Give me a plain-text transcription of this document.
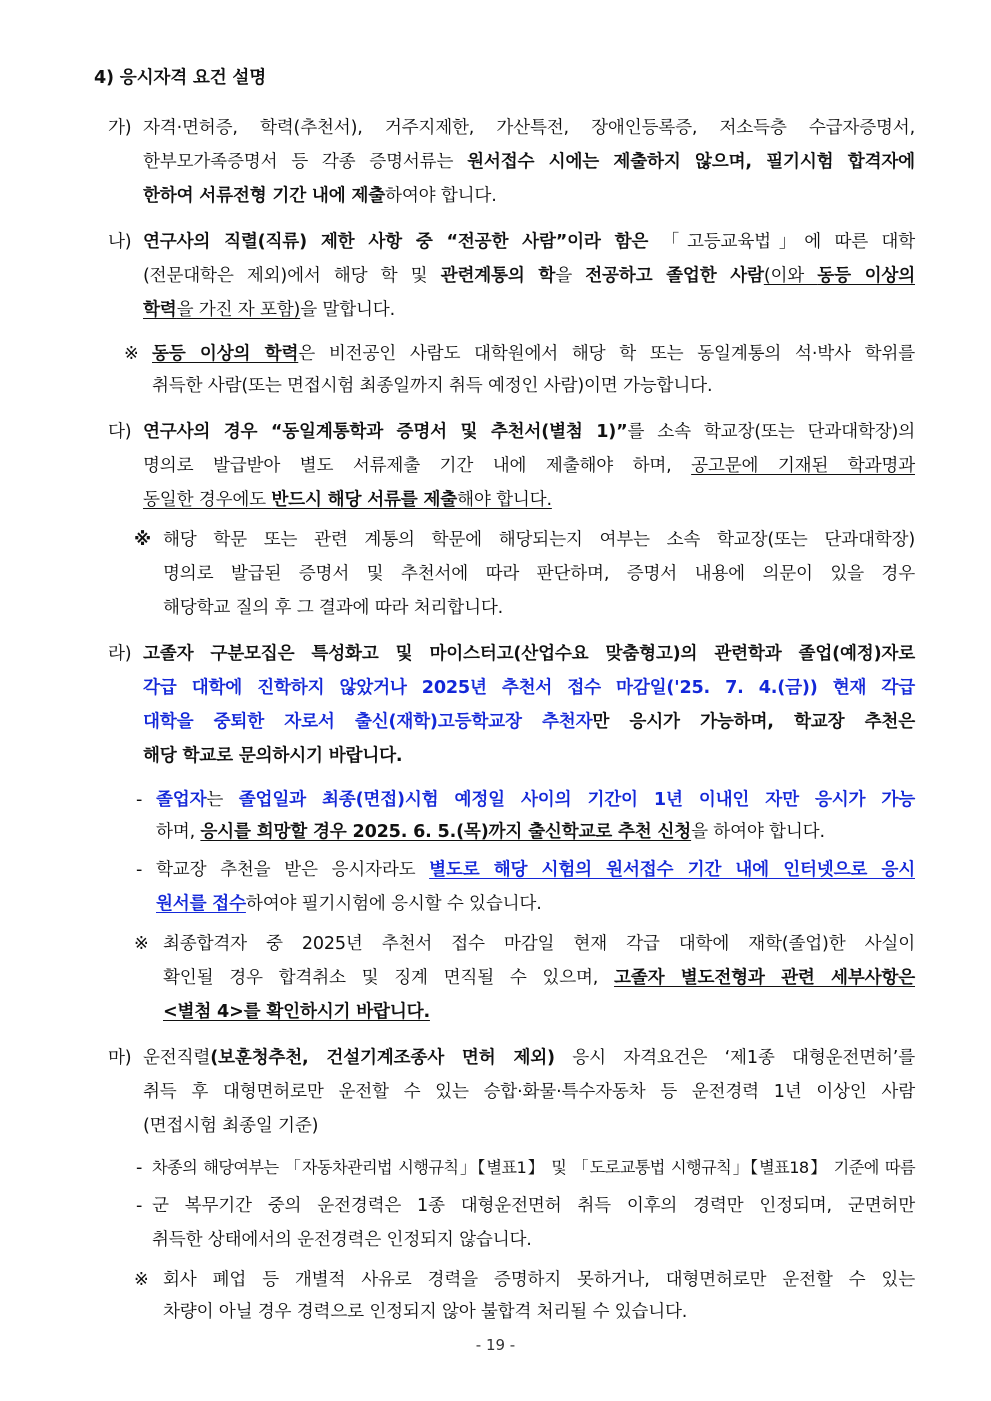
4) 응시자격 요건 설명
가) 자격·면허증, 학력(추천서), 거주지제한, 가산특전, 장애인등록증, 저소득층 수급자증명서,
한부모가족증명서 등 각종 증명서류는 원서접수 시에는 제출하지 않으며, 필기시험 합격자에
한하여 서류전형 기간 내에 제출하여야 합니다.
나) 연구사의 직렬(직류) 제한 사항 중 “전공한 사람”이라 함은 「고등교육법」에 따른 대학
(전문대학은 제외)에서 해당 학 및 관련계통의 학을 전공하고 졸업한 사람(이와 동등 이상의
학력을 가진 자 포함)을 말합니다.
※ 동등 이상의 학력은 비전공인 사람도 대학원에서 해당 학 또는 동일계통의 석·박사 학위를
취득한 사람(또는 면접시험 최종일까지 취득 예정인 사람)이면 가능합니다.
다) 연구사의 경우 “동일계통학과 증명서 및 추천서(별첨 1)”를 소속 학교장(또는 단과대학장)의
명의로 발급받아 별도 서류제출 기간 내에 제출해야 하며, 공고문에 기재된 학과명과
동일한 경우에도 반드시 해당 서류를 제출해야 합니다.
※ 해당 학문 또는 관련 계통의 학문에 해당되는지 여부는 소속 학교장(또는 단과대학장)
명의로 발급된 증명서 및 추천서에 따라 판단하며, 증명서 내용에 의문이 있을 경우
해당학교 질의 후 그 결과에 따라 처리합니다.
라) 고졸자 구분모집은 특성화고 및 마이스터고(산업수요 맞춤형고)의 관련학과 졸업(예정)자로
각급 대학에 진학하지 않았거나 2025년 추천서 접수 마감일('25. 7. 4.(금)) 현재 각급
대학을 중퇴한 자로서 출신(재학)고등학교장 추천자만 응시가 가능하며, 학교장 추천은
해당 학교로 문의하시기 바랍니다.
- 졸업자는 졸업일과 최종(면접)시험 예정일 사이의 기간이 1년 이내인 자만 응시가 가능
하며, 응시를 희망할 경우 2025. 6. 5.(목)까지 출신학교로 추천 신청을 하여야 합니다.
- 학교장 추천을 받은 응시자라도 별도로 해당 시험의 원서접수 기간 내에 인터넷으로 응시
원서를 접수하여야 필기시험에 응시할 수 있습니다.
※ 최종합격자 중 2025년 추천서 접수 마감일 현재 각급 대학에 재학(졸업)한 사실이
확인될 경우 합격취소 및 징계 면직될 수 있으며, 고졸자 별도전형과 관련 세부사항은
<별첨 4>를 확인하시기 바랍니다.
마) 운전직렬(보훈청추천, 건설기계조종사 면허 제외) 응시 자격요건은 ‘제1종 대형운전면허’를
취득 후 대형면허로만 운전할 수 있는 승합·화물·특수자동차 등 운전경력 1년 이상인 사람
(면접시험 최종일 기준)
- 차종의 해당여부는 「자동차관리법 시행규칙」【별표1】 및 「도로교통법 시행규칙」【별표18】 기준에 따름
- 군 복무기간 중의 운전경력은 1종 대형운전면허 취득 이후의 경력만 인정되며, 군면허만
취득한 상태에서의 운전경력은 인정되지 않습니다.
※ 회사 폐업 등 개별적 사유로 경력을 증명하지 못하거나, 대형면허로만 운전할 수 있는
차량이 아닐 경우 경력으로 인정되지 않아 불합격 처리될 수 있습니다.
- 19 -
